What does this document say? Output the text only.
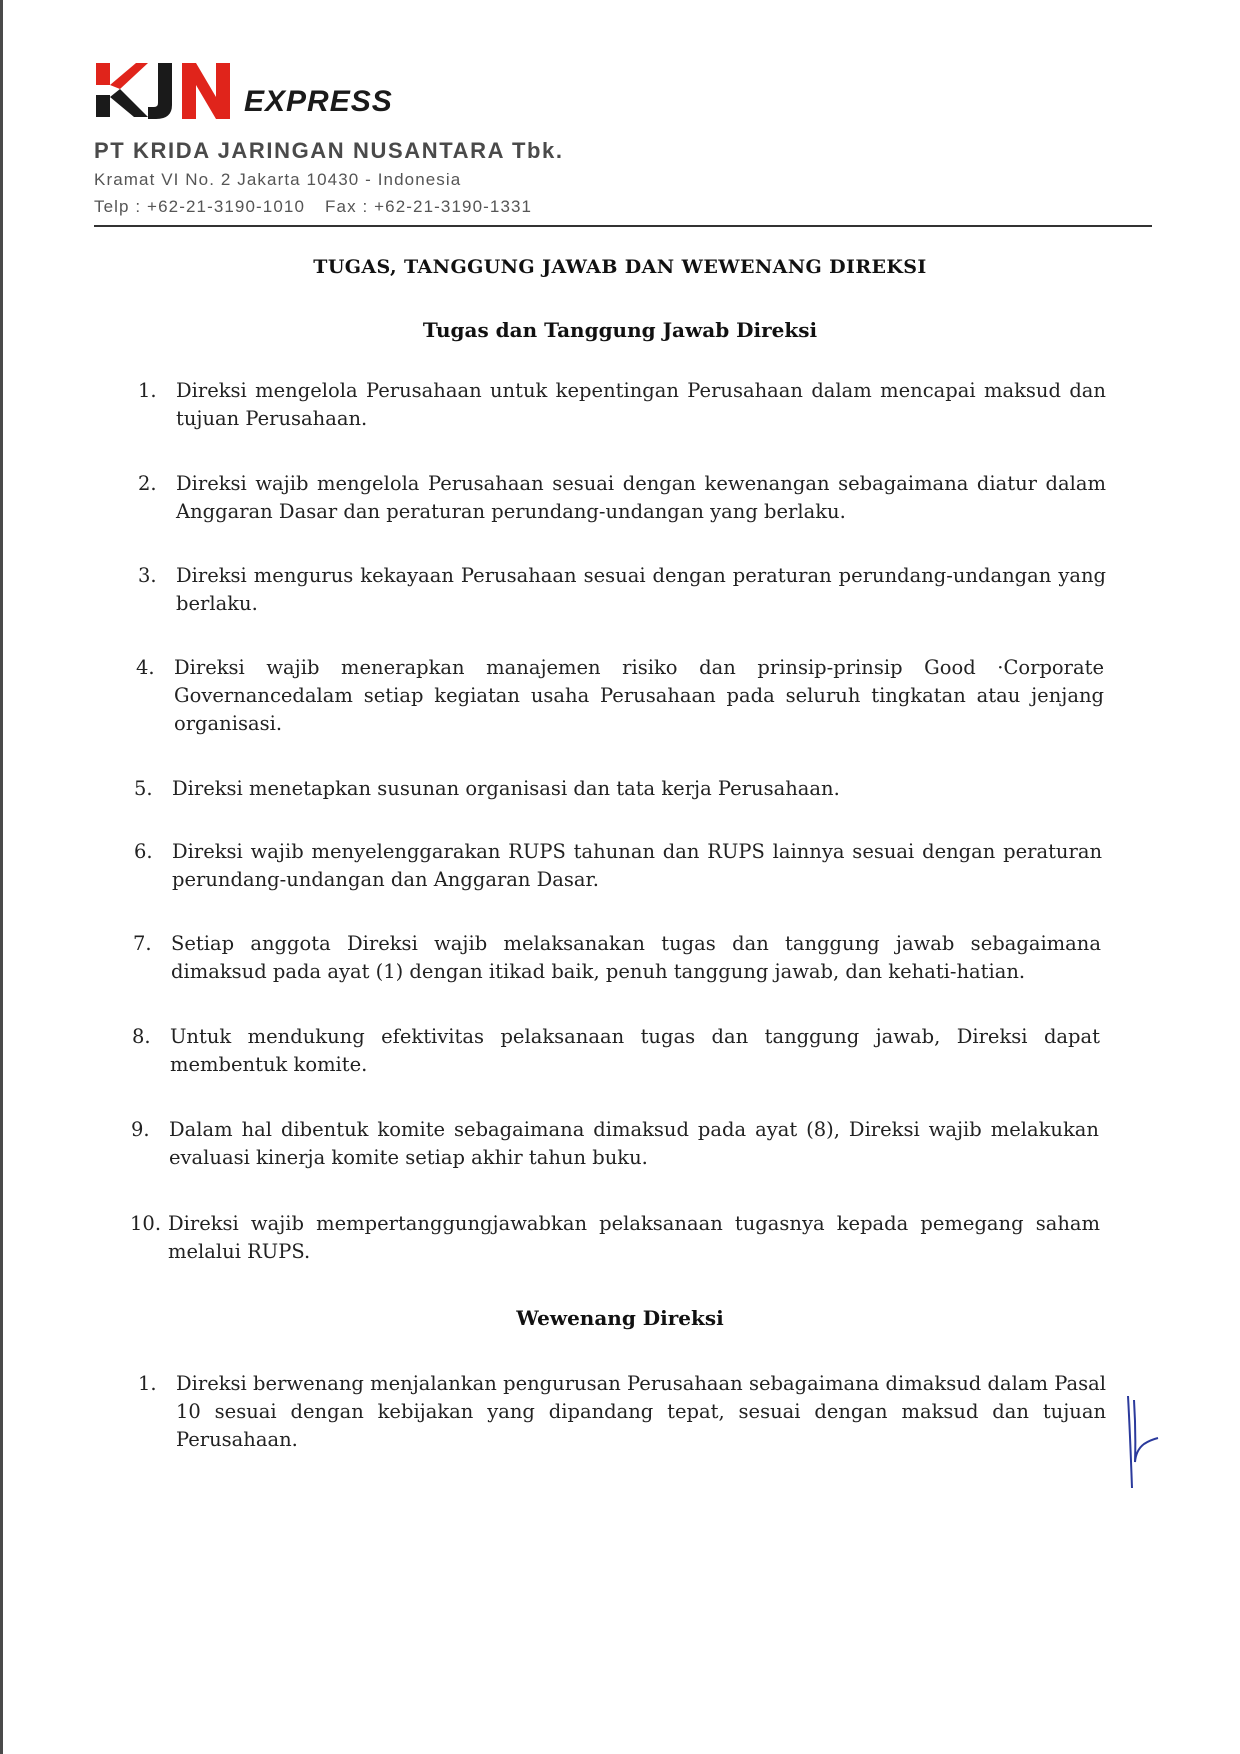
EXPRESS
PT KRIDA JARINGAN NUSANTARA Tbk.
Kramat VI No. 2 Jakarta 10430 - Indonesia
Telp : +62-21-3190-1010 Fax : +62-21-3190-1331
TUGAS, TANGGUNG JAWAB DAN WEWENANG DIREKSI
Tugas dan Tanggung Jawab Direksi
1. Direksi mengelola Perusahaan untuk kepentingan Perusahaan dalam mencapai maksud dan tujuan Perusahaan.
2. Direksi wajib mengelola Perusahaan sesuai dengan kewenangan sebagaimana diatur dalam Anggaran Dasar dan peraturan perundang-undangan yang berlaku.
3. Direksi mengurus kekayaan Perusahaan sesuai dengan peraturan perundang-undangan yang berlaku.
4. Direksi wajib menerapkan manajemen risiko dan prinsip-prinsip Good ·Corporate Governancedalam setiap kegiatan usaha Perusahaan pada seluruh tingkatan atau jenjang organisasi.
5. Direksi menetapkan susunan organisasi dan tata kerja Perusahaan.
6. Direksi wajib menyelenggarakan RUPS tahunan dan RUPS lainnya sesuai dengan peraturan perundang-undangan dan Anggaran Dasar.
7. Setiap anggota Direksi wajib melaksanakan tugas dan tanggung jawab sebagaimana dimaksud pada ayat (1) dengan itikad baik, penuh tanggung jawab, dan kehati-hatian.
8. Untuk mendukung efektivitas pelaksanaan tugas dan tanggung jawab, Direksi dapat membentuk komite.
9. Dalam hal dibentuk komite sebagaimana dimaksud pada ayat (8), Direksi wajib melakukan evaluasi kinerja komite setiap akhir tahun buku.
10. Direksi wajib mempertanggungjawabkan pelaksanaan tugasnya kepada pemegang saham melalui RUPS.
Wewenang Direksi
1. Direksi berwenang menjalankan pengurusan Perusahaan sebagaimana dimaksud dalam Pasal 10 sesuai dengan kebijakan yang dipandang tepat, sesuai dengan maksud dan tujuan Perusahaan.
